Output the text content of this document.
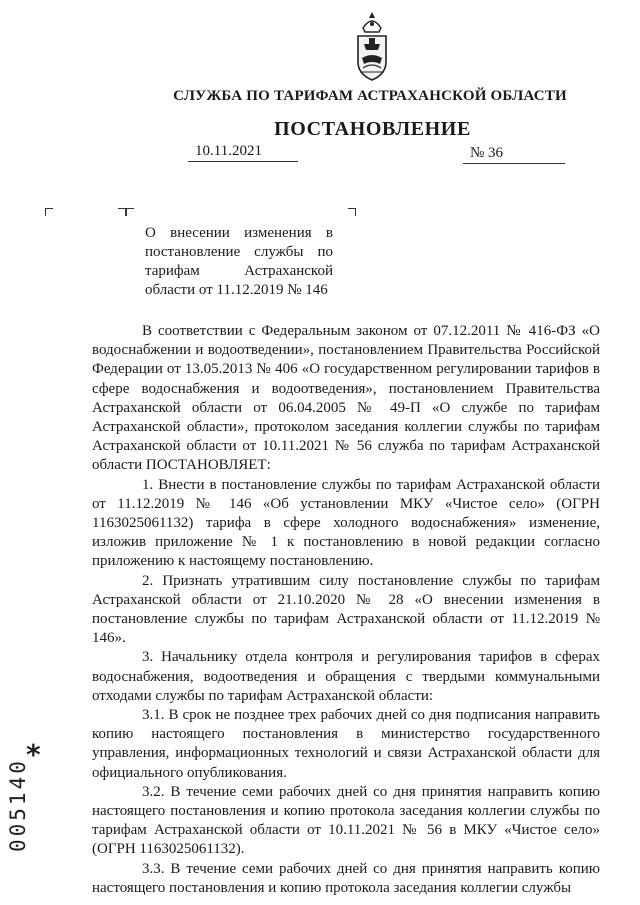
СЛУЖБА ПО ТАРИФАМ АСТРАХАНСКОЙ ОБЛАСТИ
ПОСТАНОВЛЕНИЕ
10.11.2021	№ 36
О внесении изменения в постановление службы по тарифам Астраханской области от 11.12.2019 № 146

В соответствии с Федеральным законом от 07.12.2011 № 416-ФЗ «О водоснабжении и водоотведении», постановлением Правительства Российской Федерации от 13.05.2013 № 406 «О государственном регулировании тарифов в сфере водоснабжения и водоотведения», постановлением Правительства Астраханской области от 06.04.2005 № 49-П «О службе по тарифам Астраханской области», протоколом заседания коллегии службы по тарифам Астраханской области от 10.11.2021 № 56 служба по тарифам Астраханской области ПОСТАНОВЛЯЕТ:

1. Внести в постановление службы по тарифам Астраханской области от 11.12.2019 № 146 «Об установлении МКУ «Чистое село» (ОГРН 1163025061132) тарифа в сфере холодного водоснабжения» изменение, изложив приложение № 1 к постановлению в новой редакции согласно приложению к настоящему постановлению.

2. Признать утратившим силу постановление службы по тарифам Астраханской области от 21.10.2020 № 28 «О внесении изменения в постановление службы по тарифам Астраханской области от 11.12.2019 № 146».

3. Начальнику отдела контроля и регулирования тарифов в сферах водоснабжения, водоотведения и обращения с твердыми коммунальными отходами службы по тарифам Астраханской области:

3.1. В срок не позднее трех рабочих дней со дня подписания направить копию настоящего постановления в министерство государственного управления, информационных технологий и связи Астраханской области для официального опубликования.

3.2. В течение семи рабочих дней со дня принятия направить копию настоящего постановления и копию протокола заседания коллегии службы по тарифам Астраханской области от 10.11.2021 № 56 в МКУ «Чистое село» (ОГРН 1163025061132).

3.3. В течение семи рабочих дней со дня принятия направить копию настоящего постановления и копию протокола заседания коллегии службы

*
005140
